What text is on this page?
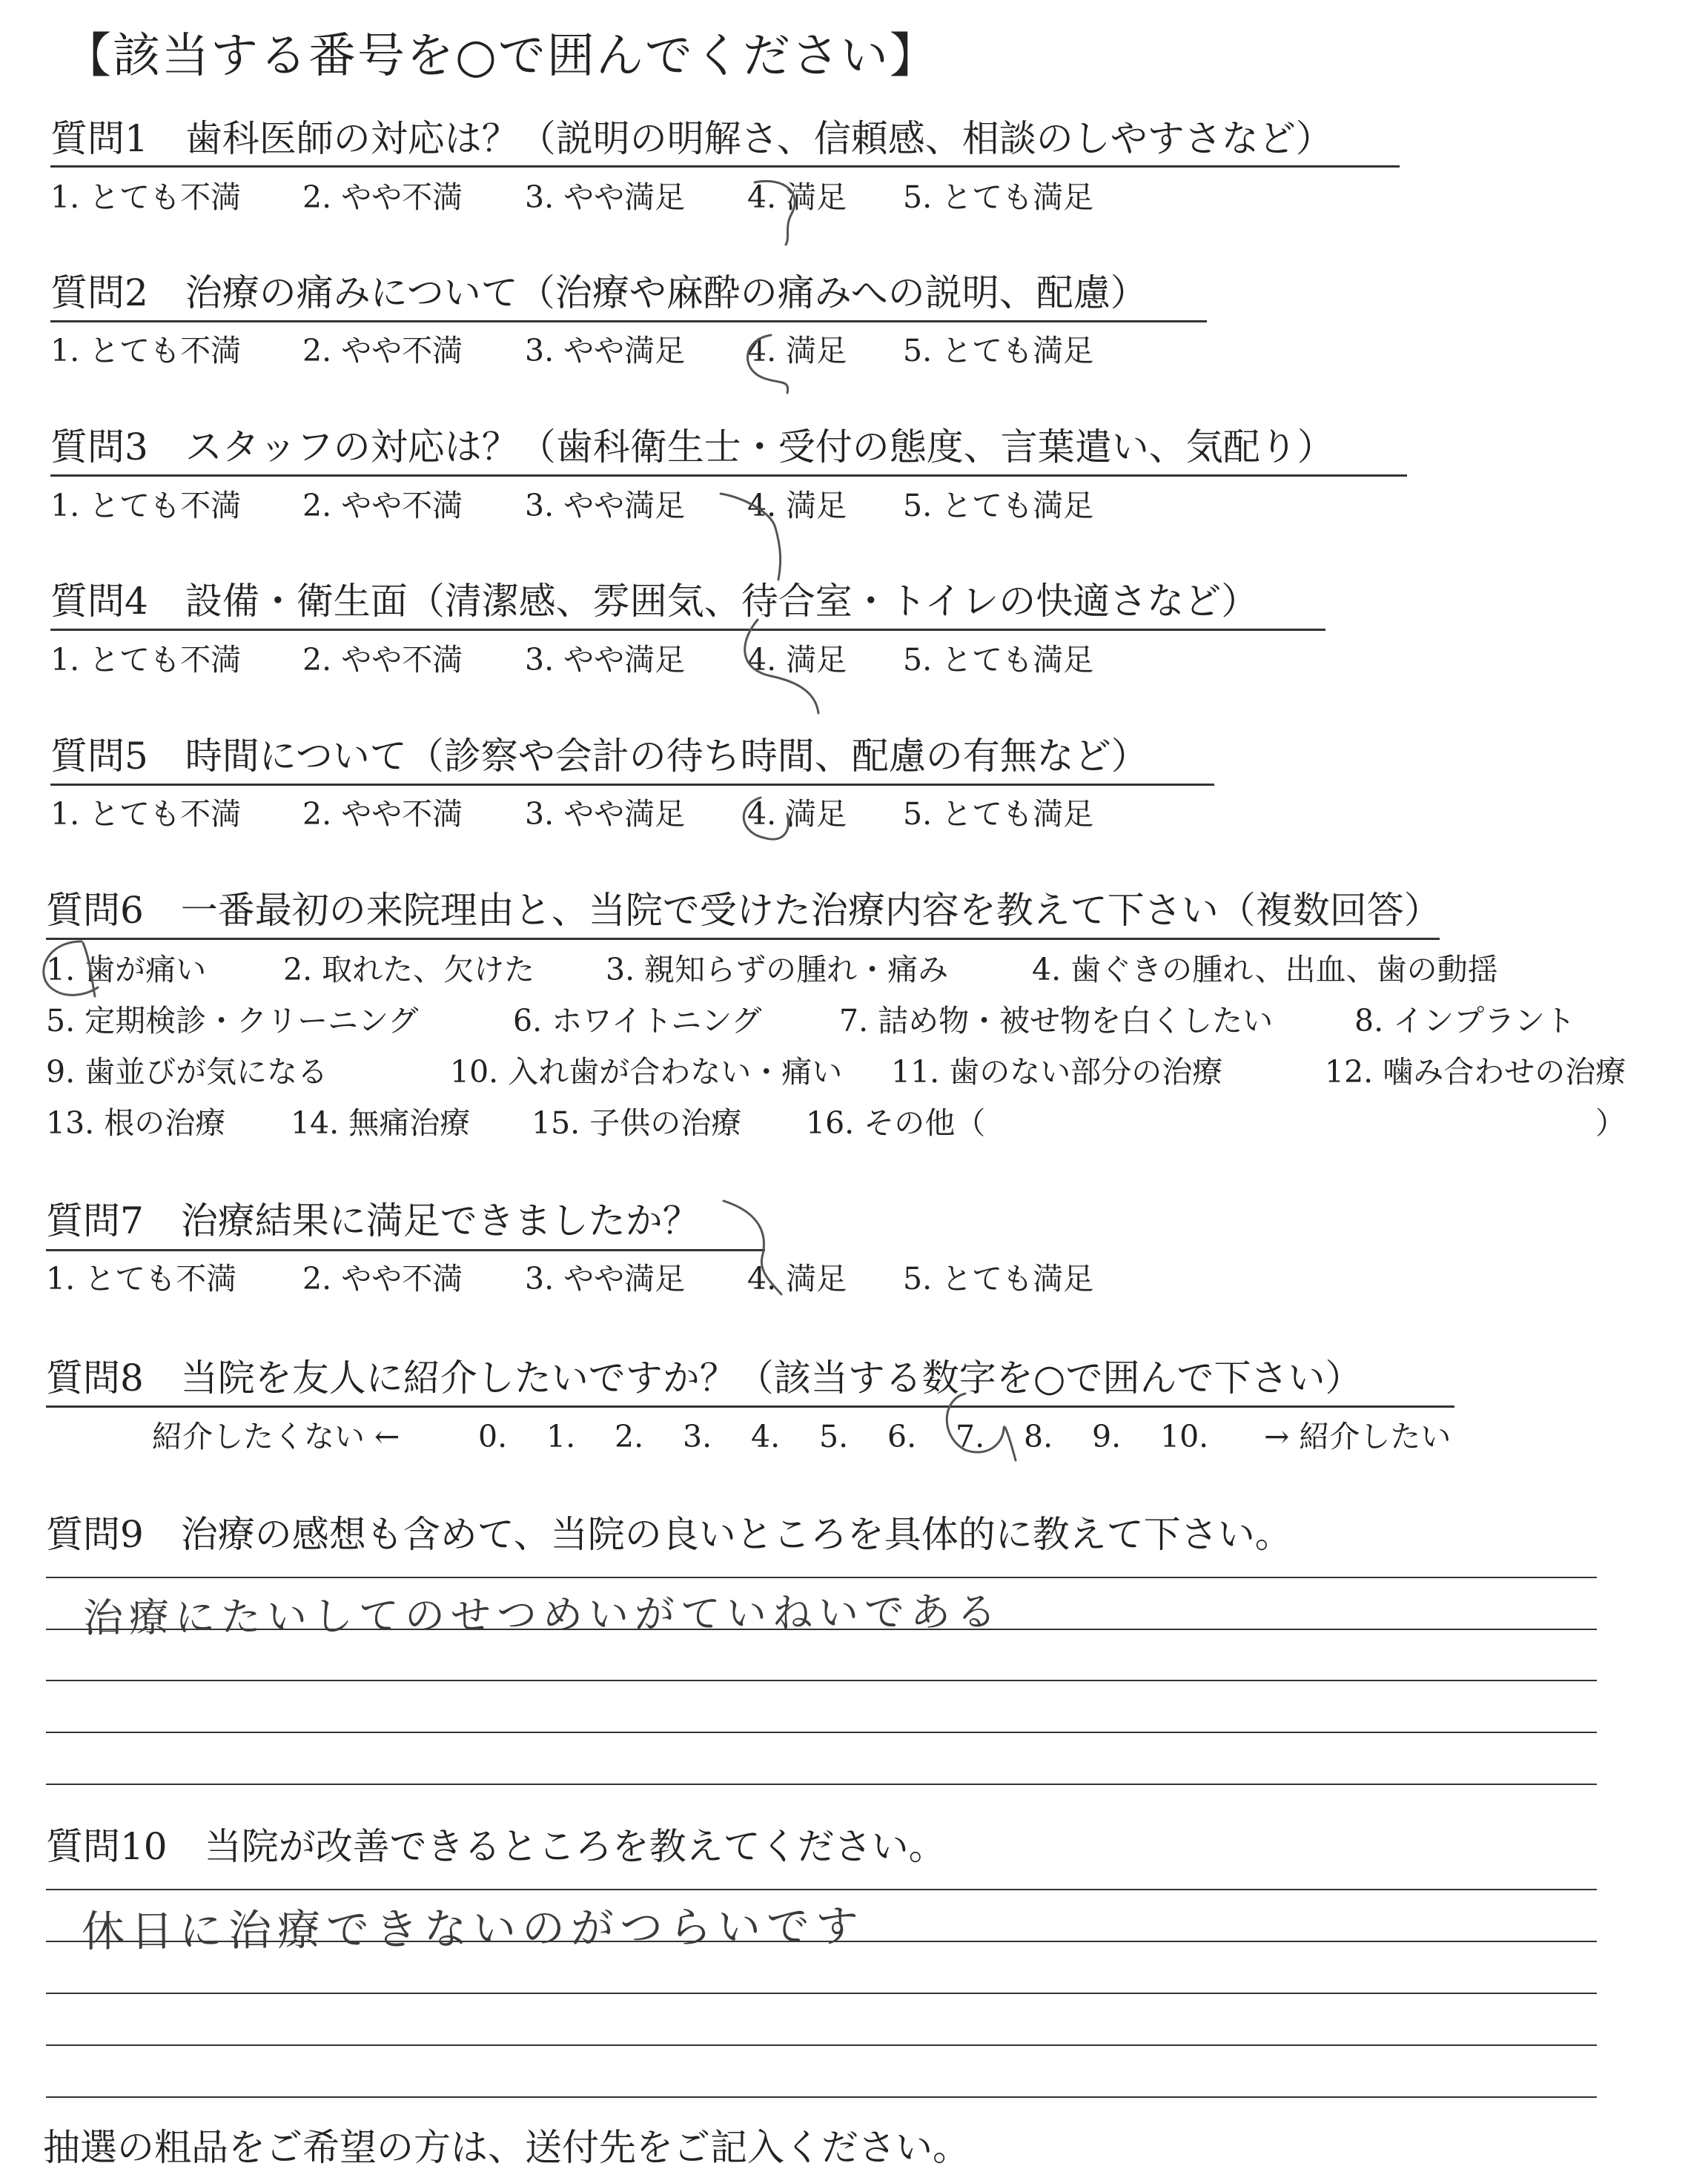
【該当する番号を○で囲んでください】
質問1　歯科医師の対応は？（説明の明解さ、信頼感、相談のしやすさなど）
1. とても不満 2. やや不満 3. やや満足 4. 満足 5. とても満足
質問2　治療の痛みについて（治療や麻酔の痛みへの説明、配慮）
1. とても不満 2. やや不満 3. やや満足 4. 満足 5. とても満足
質問3　スタッフの対応は？（歯科衛生士・受付の態度、言葉遣い、気配り）
1. とても不満 2. やや不満 3. やや満足 4. 満足 5. とても満足
質問4　設備・衛生面（清潔感、雰囲気、待合室・トイレの快適さなど）
1. とても不満 2. やや不満 3. やや満足 4. 満足 5. とても満足
質問5　時間について（診察や会計の待ち時間、配慮の有無など）
1. とても不満 2. やや不満 3. やや満足 4. 満足 5. とても満足
質問6　一番最初の来院理由と、当院で受けた治療内容を教えて下さい（複数回答）
1. 歯が痛い	2. 取れた、欠けた 3. 親知らずの腫れ・痛み	4. 歯ぐきの腫れ、出血、歯の動揺
5. 定期検診・クリーニング	6. ホワイトニング	7. 詰め物・被せ物を白くしたい	8. インプラント
9. 歯並びが気になる	10. 入れ歯が合わない・痛い 11. 歯のない部分の治療	12. 噛み合わせの治療
13. 根の治療 14. 無痛治療 15. 子供の治療 16. その他（	）
質問7　治療結果に満足できましたか？
1. とても不満 2. やや不満 3. やや満足 4. 満足 5. とても満足
質問8　当院を友人に紹介したいですか？（該当する数字を○で囲んで下さい）
紹介したくない ←	0. 1. 2. 3. 4. 5. 6. 7. 8. 9. 10. → 紹介したい
質問9　治療の感想も含めて、当院の良いところを具体的に教えて下さい。
治療にたいしてのせつめいがていねいである
質問10　当院が改善できるところを教えてください。
休日に治療できないのがつらいです
抽選の粗品をご希望の方は、送付先をご記入ください。
